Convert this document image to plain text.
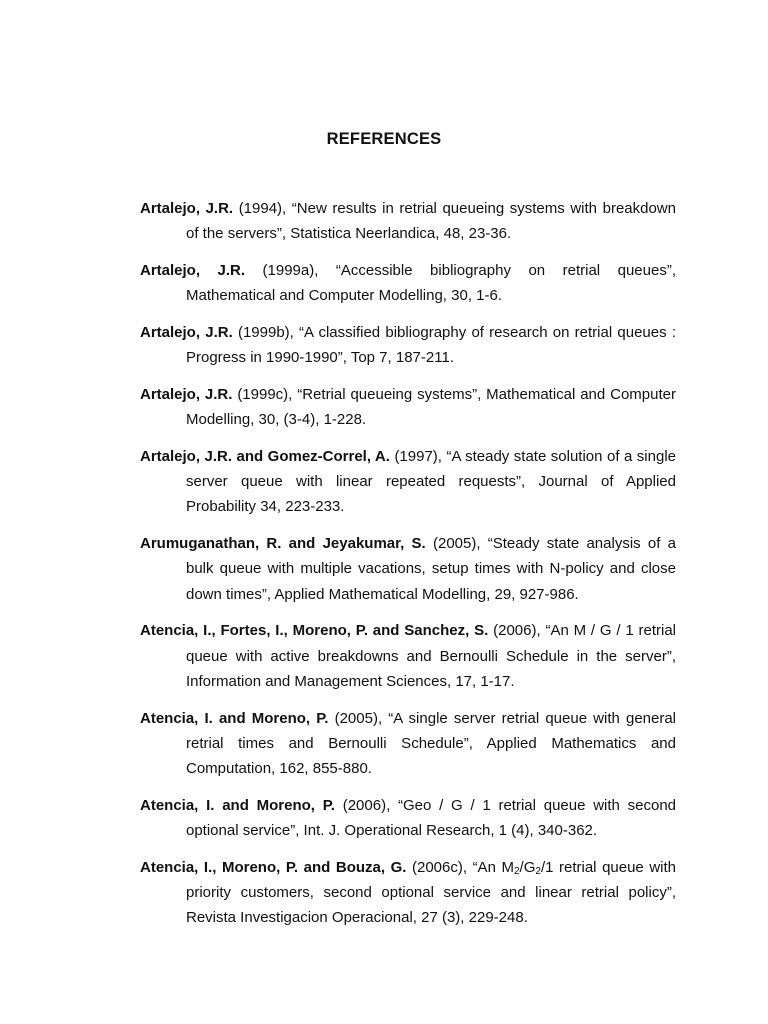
REFERENCES

Artalejo, J.R. (1994), “New results in retrial queueing systems with breakdown of the servers”, Statistica Neerlandica, 48, 23-36.

Artalejo, J.R. (1999a), “Accessible bibliography on retrial queues”, Mathematical and Computer Modelling, 30, 1-6.

Artalejo, J.R. (1999b), “A classified bibliography of research on retrial queues : Progress in 1990-1990”, Top 7, 187-211.

Artalejo, J.R. (1999c), “Retrial queueing systems”, Mathematical and Computer Modelling, 30, (3-4), 1-228.

Artalejo, J.R. and Gomez-Correl, A. (1997), “A steady state solution of a single server queue with linear repeated requests”, Journal of Applied Probability 34, 223-233.

Arumuganathan, R. and Jeyakumar, S. (2005), “Steady state analysis of a bulk queue with multiple vacations, setup times with N-policy and close down times”, Applied Mathematical Modelling, 29, 927-986.

Atencia, I., Fortes, I., Moreno, P. and Sanchez, S. (2006), “An M / G / 1 retrial queue with active breakdowns and Bernoulli Schedule in the server”, Information and Management Sciences, 17, 1-17.

Atencia, I. and Moreno, P. (2005), “A single server retrial queue with general retrial times and Bernoulli Schedule”, Applied Mathematics and Computation, 162, 855-880.

Atencia, I. and Moreno, P. (2006), “Geo / G / 1 retrial queue with second optional service”, Int. J. Operational Research, 1 (4), 340-362.

Atencia, I., Moreno, P. and Bouza, G. (2006c), “An $M_2/G_2/1$ retrial queue with priority customers, second optional service and linear retrial policy”, Revista Investigacion Operacional, 27 (3), 229-248.
